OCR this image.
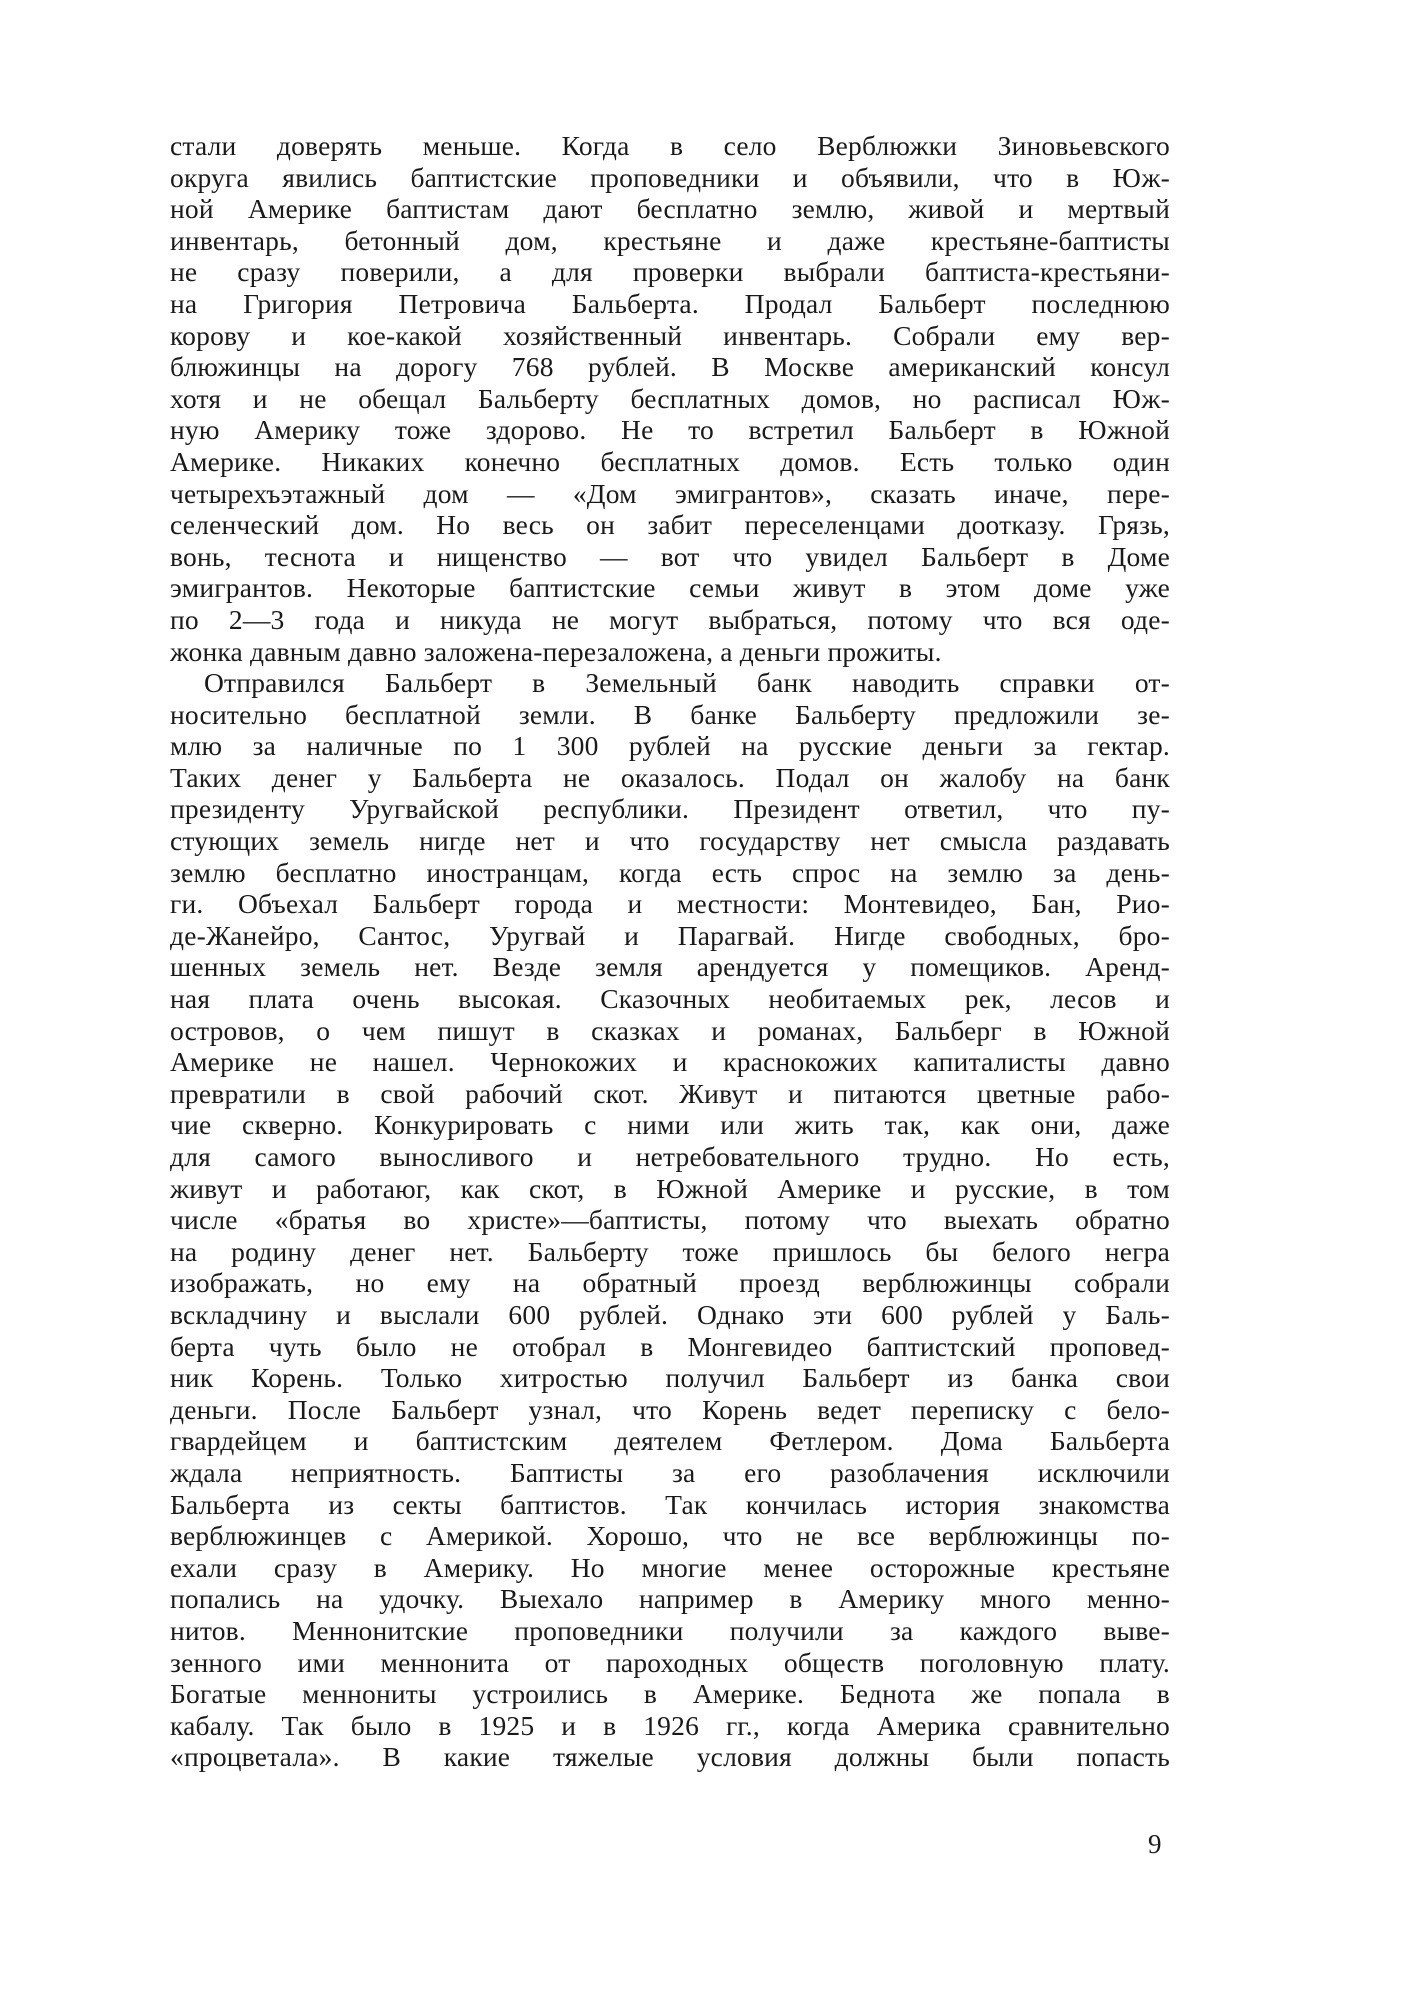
стали доверять меньше. Когда в село Верблюжки Зиновьевского
округа явились баптистские проповедники и объявили, что в Юж-
ной Америке баптистам дают бесплатно землю, живой и мертвый
инвентарь, бетонный дом, крестьяне и даже крестьяне-баптисты
не сразу поверили, а для проверки выбрали баптиста-крестьяни-
на Григория Петровича Бальберта. Продал Бальберт последнюю
корову и кое-какой хозяйственный инвентарь. Собрали ему вер-
блюжинцы на дорогу 768 рублей. В Москве американский консул
хотя и не обещал Бальберту бесплатных домов, но расписал Юж-
ную Америку тоже здорово. Не то встретил Бальберт в Южной
Америке. Никаких конечно бесплатных домов. Есть только один
четырехъэтажный дом — «Дом эмигрантов», сказать иначе, пере-
селенческий дом. Но весь он забит переселенцами доотказу. Грязь,
вонь, теснота и нищенство — вот что увидел Бальберт в Доме
эмигрантов. Некоторые баптистские семьи живут в этом доме уже
по 2—3 года и никуда не могут выбраться, потому что вся оде-
жонка давным давно заложена-перезаложена, а деньги прожиты.
Отправился Бальберт в Земельный банк наводить справки от-
носительно бесплатной земли. В банке Бальберту предложили зе-
млю за наличные по 1 300 рублей на русские деньги за гектар.
Таких денег у Бальберта не оказалось. Подал он жалобу на банк
президенту Уругвайской республики. Президент ответил, что пу-
стующих земель нигде нет и что государству нет смысла раздавать
землю бесплатно иностранцам, когда есть спрос на землю за день-
ги. Объехал Бальберт города и местности: Монтевидео, Бан, Рио-
де-Жанейро, Сантос, Уругвай и Парагвай. Нигде свободных, бро-
шенных земель нет. Везде земля арендуется у помещиков. Аренд-
ная плата очень высокая. Сказочных необитаемых рек, лесов и
островов, о чем пишут в сказках и романах, Бальберг в Южной
Америке не нашел. Чернокожих и краснокожих капиталисты давно
превратили в свой рабочий скот. Живут и питаются цветные рабо-
чие скверно. Конкурировать с ними или жить так, как они, даже
для самого выносливого и нетребовательного трудно. Но есть,
живут и работаюг, как скот, в Южной Америке и русские, в том
числе «братья во христе»—баптисты, потому что выехать обратно
на родину денег нет. Бальберту тоже пришлось бы белого негра
изображать, но ему на обратный проезд верблюжинцы собрали
вскладчину и выслали 600 рублей. Однако эти 600 рублей у Баль-
берта чуть было не отобрал в Монгевидео баптистский проповед-
ник Корень. Только хитростью получил Бальберт из банка свои
деньги. После Бальберт узнал, что Корень ведет переписку с бело-
гвардейцем и баптистским деятелем Фетлером. Дома Бальберта
ждала неприятность. Баптисты за его разоблачения исключили
Бальберта из секты баптистов. Так кончилась история знакомства
верблюжинцев с Америкой. Хорошо, что не все верблюжинцы по-
ехали сразу в Америку. Но многие менее осторожные крестьяне
попались на удочку. Выехало например в Америку много менно-
нитов. Меннонитские проповедники получили за каждого выве-
зенного ими меннонита от пароходных обществ поголовную плату.
Богатые меннониты устроились в Америке. Беднота же попала в
кабалу. Так было в 1925 и в 1926 гг., когда Америка сравнительно
«процветала». В какие тяжелые условия должны были попасть
9
